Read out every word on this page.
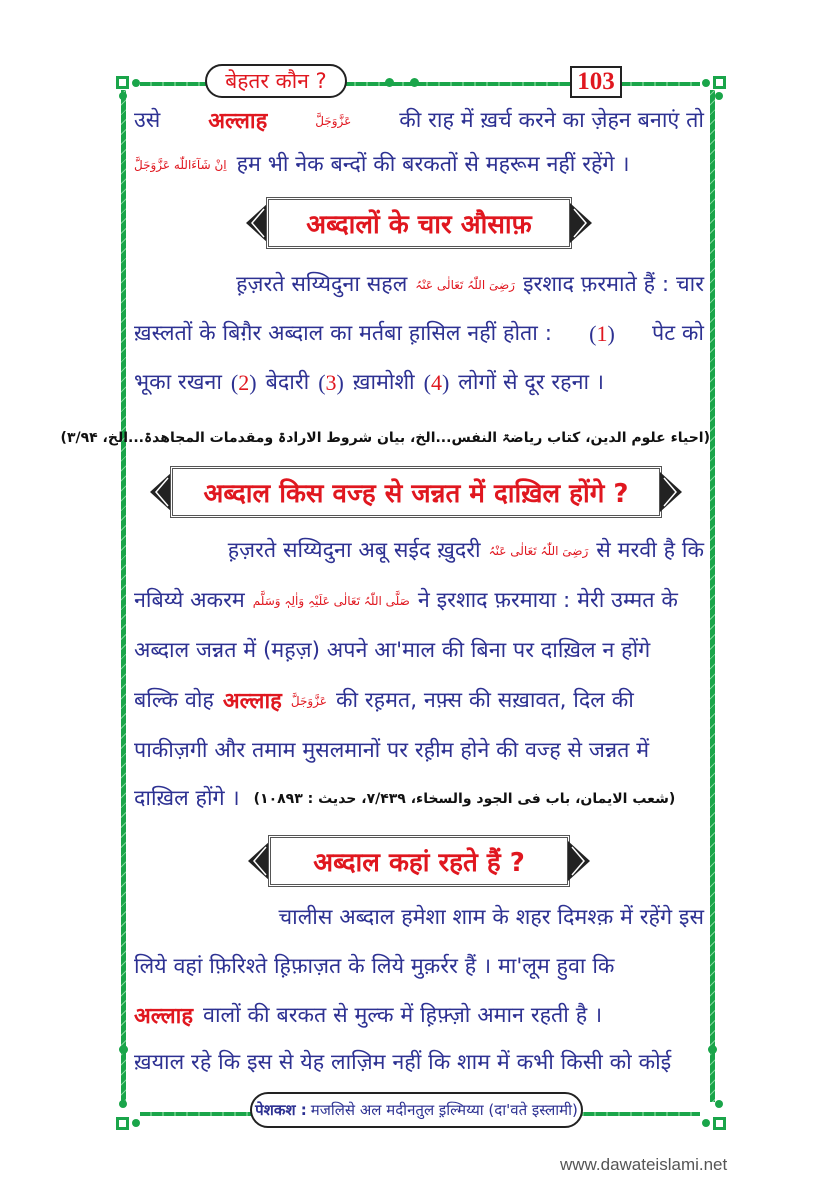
बेहतर कौन ?	103
उसे अल्लाह	عَزَّوَجَلَّ की राह में ख़र्च करने का ज़ेहन बनाएं तो
اِنْ شَآءَاللّٰه عَزَّوَجَلَّ हम भी नेक बन्दों की बरकतों से महरूम नहीं रहेंगे ।
अब्दालों के चार औसाफ़
ह़ज़रते सय्यिदुना सहल رَضِیَ اللّٰہُ تَعَالٰی عَنْہُ इरशाद फ़रमाते हैं : चार
ख़स्लतों के बिग़ैर अब्दाल का मर्तबा ह़ासिल नहीं होता : (1) पेट को
भूका रखना (2) बेदारी (3) ख़ामोशी (4) लोगों से दूर रहना ।
(احیاء علوم الدین، کتاب ریاضۃ النفس...الخ، بیان شروط الارادۃ ومقدمات المجاھدۃ...الخ، ۳/۹۴)
अब्दाल किस वज्ह से जन्नत में दाख़िल होंगे ?
ह़ज़रते सय्यिदुना अबू सईद ख़ुदरी رَضِیَ اللّٰہُ تَعَالٰی عَنْہُ से मरवी है कि
नबिय्ये अकरम صَلَّی اللّٰہُ تَعَالٰی عَلَیْہِ وَاٰلِہٖ وَسَلَّم ने इरशाद फ़रमाया : मेरी उम्मत के
अब्दाल जन्नत में (मह़ज़) अपने आ'माल की बिना पर दाख़िल न होंगे
बल्कि वोह अल्लाह عَزَّوَجَلَّ की रह़मत, नफ़्स की सख़ावत, दिल की
पाकीज़गी और तमाम मुसलमानों पर रह़ीम होने की वज्ह से जन्नत में
दाख़िल होंगे । (شعب الایمان، باب فی الجود والسخاء، ۷/۴۳۹، حدیث : ۱۰۸۹۳)
अब्दाल कहां रहते हैं ?
चालीस अब्दाल हमेशा शाम के शहर दिमश्क़ में रहेंगे इस
लिये वहां फ़िरिश्ते ह़िफ़ाज़त के लिये मुक़र्रर हैं । मा'लूम हुवा कि
अल्लाह वालों की बरकत से मुल्क में ह़िफ़्ज़ो अमान रहती है ।
ख़याल रहे कि इस से येह लाज़िम नहीं कि शाम में कभी किसी को कोई
पेशकश : मजलिसे अल मदीनतुल इ़ल्मिय्या (दा'वते इस्लामी)
www.dawateislami.net
